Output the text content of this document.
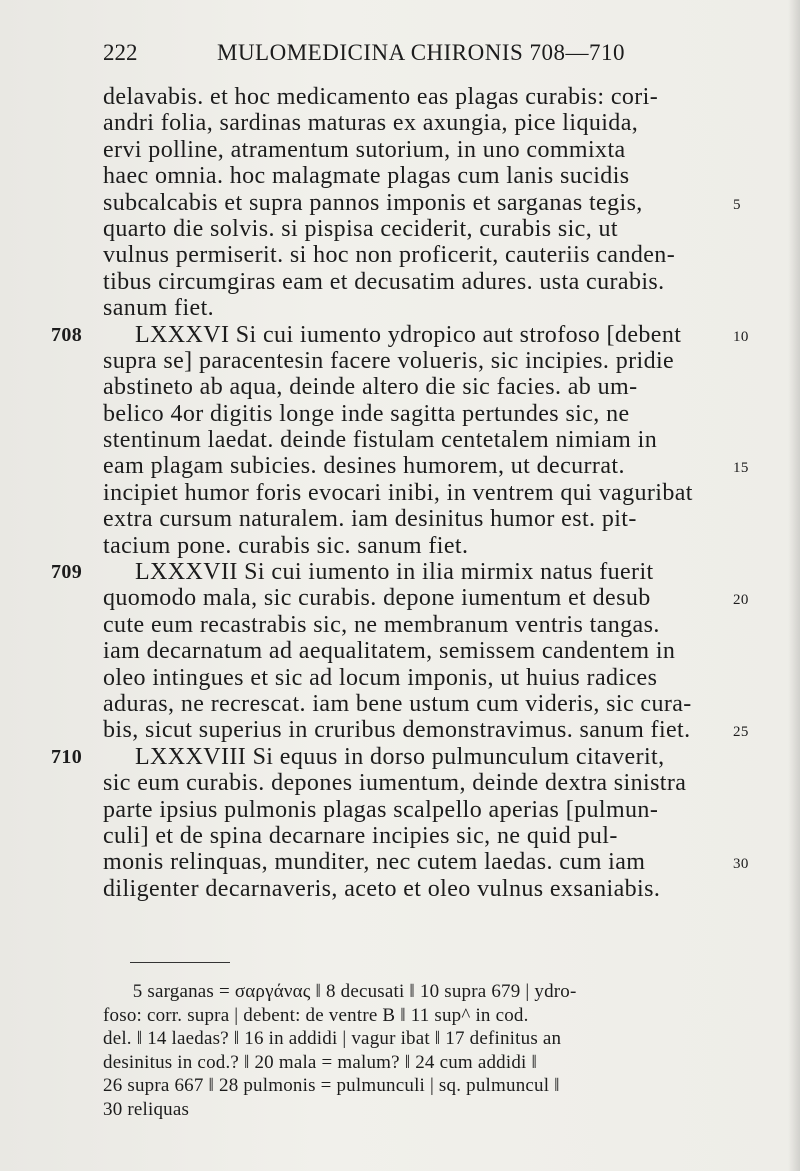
222	MULOMEDICINA CHIRONIS 708—710
delavabis. et hoc medicamento eas plagas curabis: cori-
andri folia, sardinas maturas ex axungia, pice liquida,
ervi polline, atramentum sutorium, in uno commixta
haec omnia. hoc malagmate plagas cum lanis sucidis
subcalcabis et supra pannos imponis et sarganas tegis,	5
quarto die solvis. si pispisa ceciderit, curabis sic, ut
vulnus permiserit. si hoc non proficerit, cauteriis canden-
tibus circumgiras eam et decusatim adures. usta curabis.
sanum fiet.
LXXXVI Si cui iumento ydropico aut strofoso [debent
708	10
supra se] paracentesin facere volueris, sic incipies. pridie
abstineto ab aqua, deinde altero die sic facies. ab um-
belico 4or digitis longe inde sagitta pertundes sic, ne
stentinum laedat. deinde fistulam centetalem nimiam in
eam plagam subicies. desines humorem, ut decurrat.	15
incipiet humor foris evocari inibi, in ventrem qui vaguribat
extra cursum naturalem. iam desinitus humor est. pit-
tacium pone. curabis sic. sanum fiet.
LXXXVII Si cui iumento in ilia mirmix natus fuerit
709
quomodo mala, sic curabis. depone iumentum et desub	20
cute eum recastrabis sic, ne membranum ventris tangas.
iam decarnatum ad aequalitatem, semissem candentem in
oleo intingues et sic ad locum imponis, ut huius radices
aduras, ne recrescat. iam bene ustum cum videris, sic cura-
bis, sicut superius in cruribus demonstravimus. sanum fiet.	25
LXXXVIII Si equus in dorso pulmunculum citaverit,
710
sic eum curabis. depones iumentum, deinde dextra sinistra
parte ipsius pulmonis plagas scalpello aperias [pulmun-
culi] et de spina decarnare incipies sic, ne quid pul-
monis relinquas, munditer, nec cutem laedas. cum iam	30
diligenter decarnaveris, aceto et oleo vulnus exsaniabis.
5 sarganas = σαργάνας ‖ 8 decusati ‖ 10 supra 679 | ydro-
foso: corr. supra | debent: de ventre B ‖ 11 sup^ in cod.
del. ‖ 14 laedas? ‖ 16 in addidi | vagur ibat ‖ 17 definitus an
desinitus in cod.? ‖ 20 mala = malum? ‖ 24 cum addidi ‖
26 supra 667 ‖ 28 pulmonis = pulmunculi | sq. pulmuncul ‖
30 reliquas
